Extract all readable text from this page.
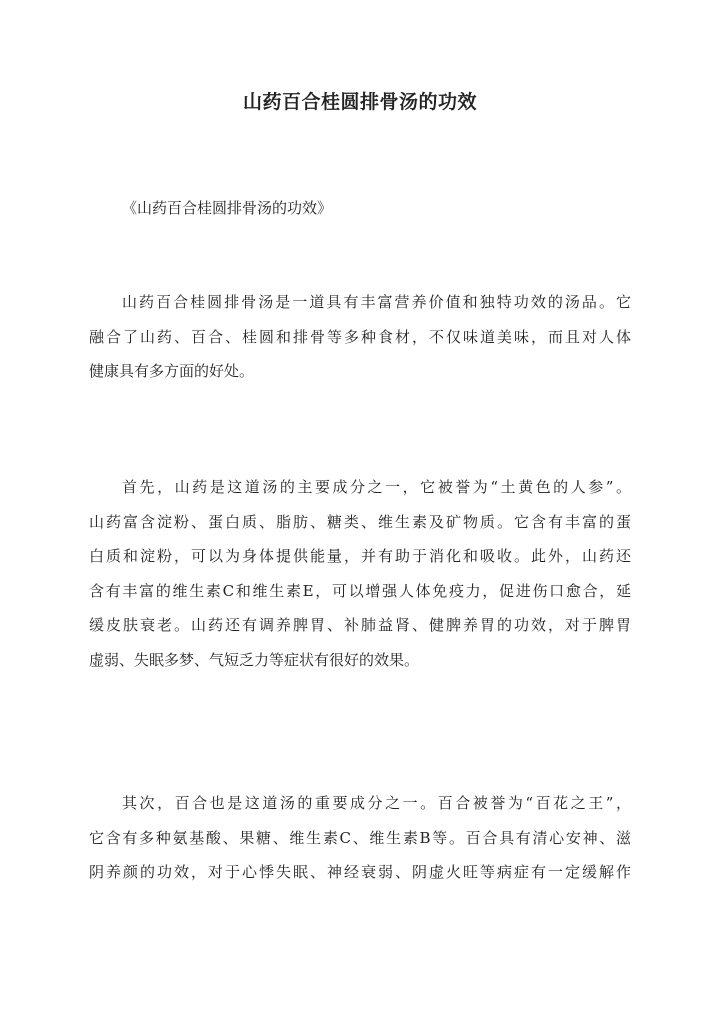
山药百合桂圆排骨汤的功效
《山药百合桂圆排骨汤的功效》
山药百合桂圆排骨汤是一道具有丰富营养价值和独特功效的汤品。它
融合了山药、百合、桂圆和排骨等多种食材，不仅味道美味，而且对人体
健康具有多方面的好处。
首先，山药是这道汤的主要成分之一，它被誉为“土黄色的人参”。
山药富含淀粉、蛋白质、脂肪、糖类、维生素及矿物质。它含有丰富的蛋
白质和淀粉，可以为身体提供能量，并有助于消化和吸收。此外，山药还
含有丰富的维生素C和维生素E，可以增强人体免疫力，促进伤口愈合，延
缓皮肤衰老。山药还有调养脾胃、补肺益肾、健脾养胃的功效，对于脾胃
虚弱、失眠多梦、气短乏力等症状有很好的效果。
其次，百合也是这道汤的重要成分之一。百合被誉为“百花之王”，
它含有多种氨基酸、果糖、维生素C、维生素B等。百合具有清心安神、滋
阴养颜的功效，对于心悸失眠、神经衰弱、阴虚火旺等病症有一定缓解作
